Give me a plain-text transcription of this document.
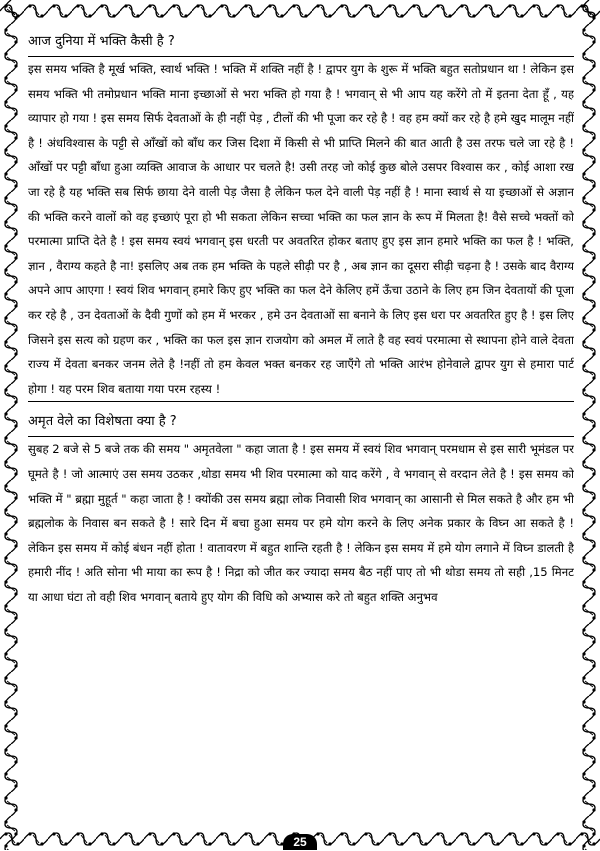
आज दुनिया में भक्ति कैसी है ?
इस समय भक्ति है मूर्ख भक्ति, स्वार्थ भक्ति ! भक्ति में शक्ति नहीं है ! द्वापर युग के शुरू में भक्ति बहुत सतोप्रधान था ! लेकिन इस समय भक्ति भी तमोप्रधान भक्ति माना इच्छाओं से भरा भक्ति हो गया है ! भगवान् से भी आप यह करेंगे तो में इतना देता हूँ , यह व्यापार हो गया ! इस समय सिर्फ देवताओं के ही नहीं पेड़ , टीलों की भी पूजा कर रहे है ! वह हम क्यों कर रहे है हमे खुद मालूम नहीं है ! अंधविश्वास के पट्टी से आँखों को बाँध कर जिस दिशा में किसी से भी प्राप्ति मिलने की बात आती है उस तरफ चले जा रहे है ! आँखों पर पट्टी बाँधा हुआ व्यक्ति आवाज के आधार पर चलते है! उसी तरह जो कोई कुछ बोले उसपर विश्वास कर , कोई आशा रख जा रहे है यह भक्ति सब सिर्फ छाया देने वाली पेड़ जैसा है लेकिन फल देने वाली पेड़ नहीं है ! माना स्वार्थ से या इच्छाओं से अज्ञान की भक्ति करने वालों को वह इच्छाएं पूरा हो भी सकता लेकिन सच्चा भक्ति का फल ज्ञान के रूप में मिलता है! वैसे सच्चे भक्तों को परमात्मा प्राप्ति देते है ! इस समय स्वयं भगवान् इस धरती पर अवतरित होकर बताए हुए इस ज्ञान हमारे भक्ति का फल है ! भक्ति, ज्ञान , वैराग्य कहते है ना! इसलिए अब तक हम भक्ति के पहले सीढ़ी पर है , अब ज्ञान का दूसरा सीढ़ी चढ़ना है ! उसके बाद वैराग्य अपने आप आएगा ! स्वयं शिव भगवान् हमारे किए हुए भक्ति का फल देने केलिए हमें ऊँचा उठाने के लिए हम जिन देवतायों की पूजा कर रहे है , उन देवताओं के दैवी गुणों को हम में भरकर , हमे उन देवताओं सा बनाने के लिए इस धरा पर अवतरित हुए है ! इस लिए जिसने इस सत्य को ग्रहण कर , भक्ति का फल इस ज्ञान राजयोग को अमल में लाते है वह स्वयं परमात्मा से स्थापना होने वाले देवता राज्य में देवता बनकर जनम लेते है !नहीं तो हम केवल भक्त बनकर रह जाएँगे तो भक्ति आरंभ होनेवाले द्वापर युग से हमारा पार्ट होगा ! यह परम शिव बताया गया परम रहस्य !
अमृत वेले का विशेषता क्या है ?
सुबह 2 बजे से 5 बजे तक की समय " अमृतवेला " कहा जाता है ! इस समय में स्वयं शिव भगवान् परमधाम से इस सारी भूमंडल पर घूमते है ! जो आत्माएं उस समय उठकर ,थोडा समय भी शिव परमात्मा को याद करेंगे , वे भगवान् से वरदान लेते है ! इस समय को भक्ति में " ब्रह्मा मुहूर्त " कहा जाता है ! क्योंकी उस समय ब्रह्मा लोक निवासी शिव भगवान् का आसानी से मिल सकते है और हम भी ब्रह्मलोक के निवास बन सकते है ! सारे दिन में बचा हुआ समय पर हमे योग करने के लिए अनेक प्रकार के विघ्न आ सकते है ! लेकिन इस समय में कोई बंधन नहीं होता ! वातावरण में बहुत शान्ति रहती है ! लेकिन इस समय में हमे योग लगाने में विघ्न डालती है हमारी नींद ! अति सोना भी माया का रूप है ! निद्रा को जीत कर ज्यादा समय बैठ नहीं पाए तो भी थोडा समय तो सही ,15 मिनट या आधा घंटा तो वही शिव भगवान् बताये हुए योग की विधि को अभ्यास करे तो बहुत शक्ति अनुभव
25
